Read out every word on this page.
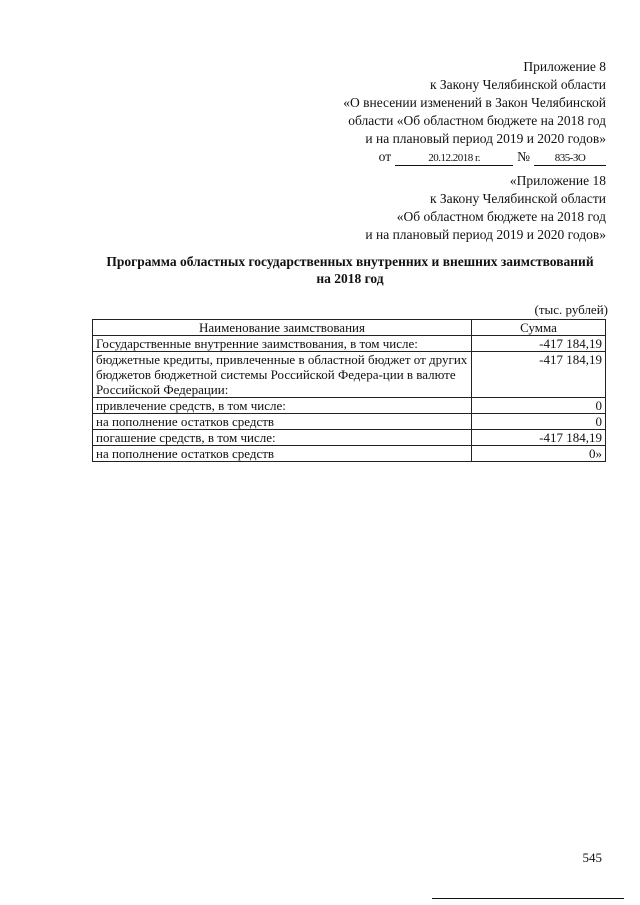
Приложение 8
к Закону Челябинской области
«О внесении изменений в Закон Челябинской
области «Об областном бюджете на 2018 год
и на плановый период 2019 и 2020 годов»
от	20.12.2018 г.	№	835-ЗО
«Приложение 18
к Закону Челябинской области
«Об областном бюджете на 2018 год
и на плановый период 2019 и 2020 годов»
Программа областных государственных внутренних и внешних заимствований
на 2018 год
(тыс. рублей)
Наименование заимствования	Сумма
Государственные внутренние заимствования, в том числе:	-417 184,19
бюджетные кредиты, привлеченные в областной бюджет от других бюджетов бюджетной системы Российской Федера-ции в валюте Российской Федерации:	-417 184,19
привлечение средств, в том числе:	0
на пополнение остатков средств	0
погашение средств, в том числе:	-417 184,19
на пополнение остатков средств	0»
545
